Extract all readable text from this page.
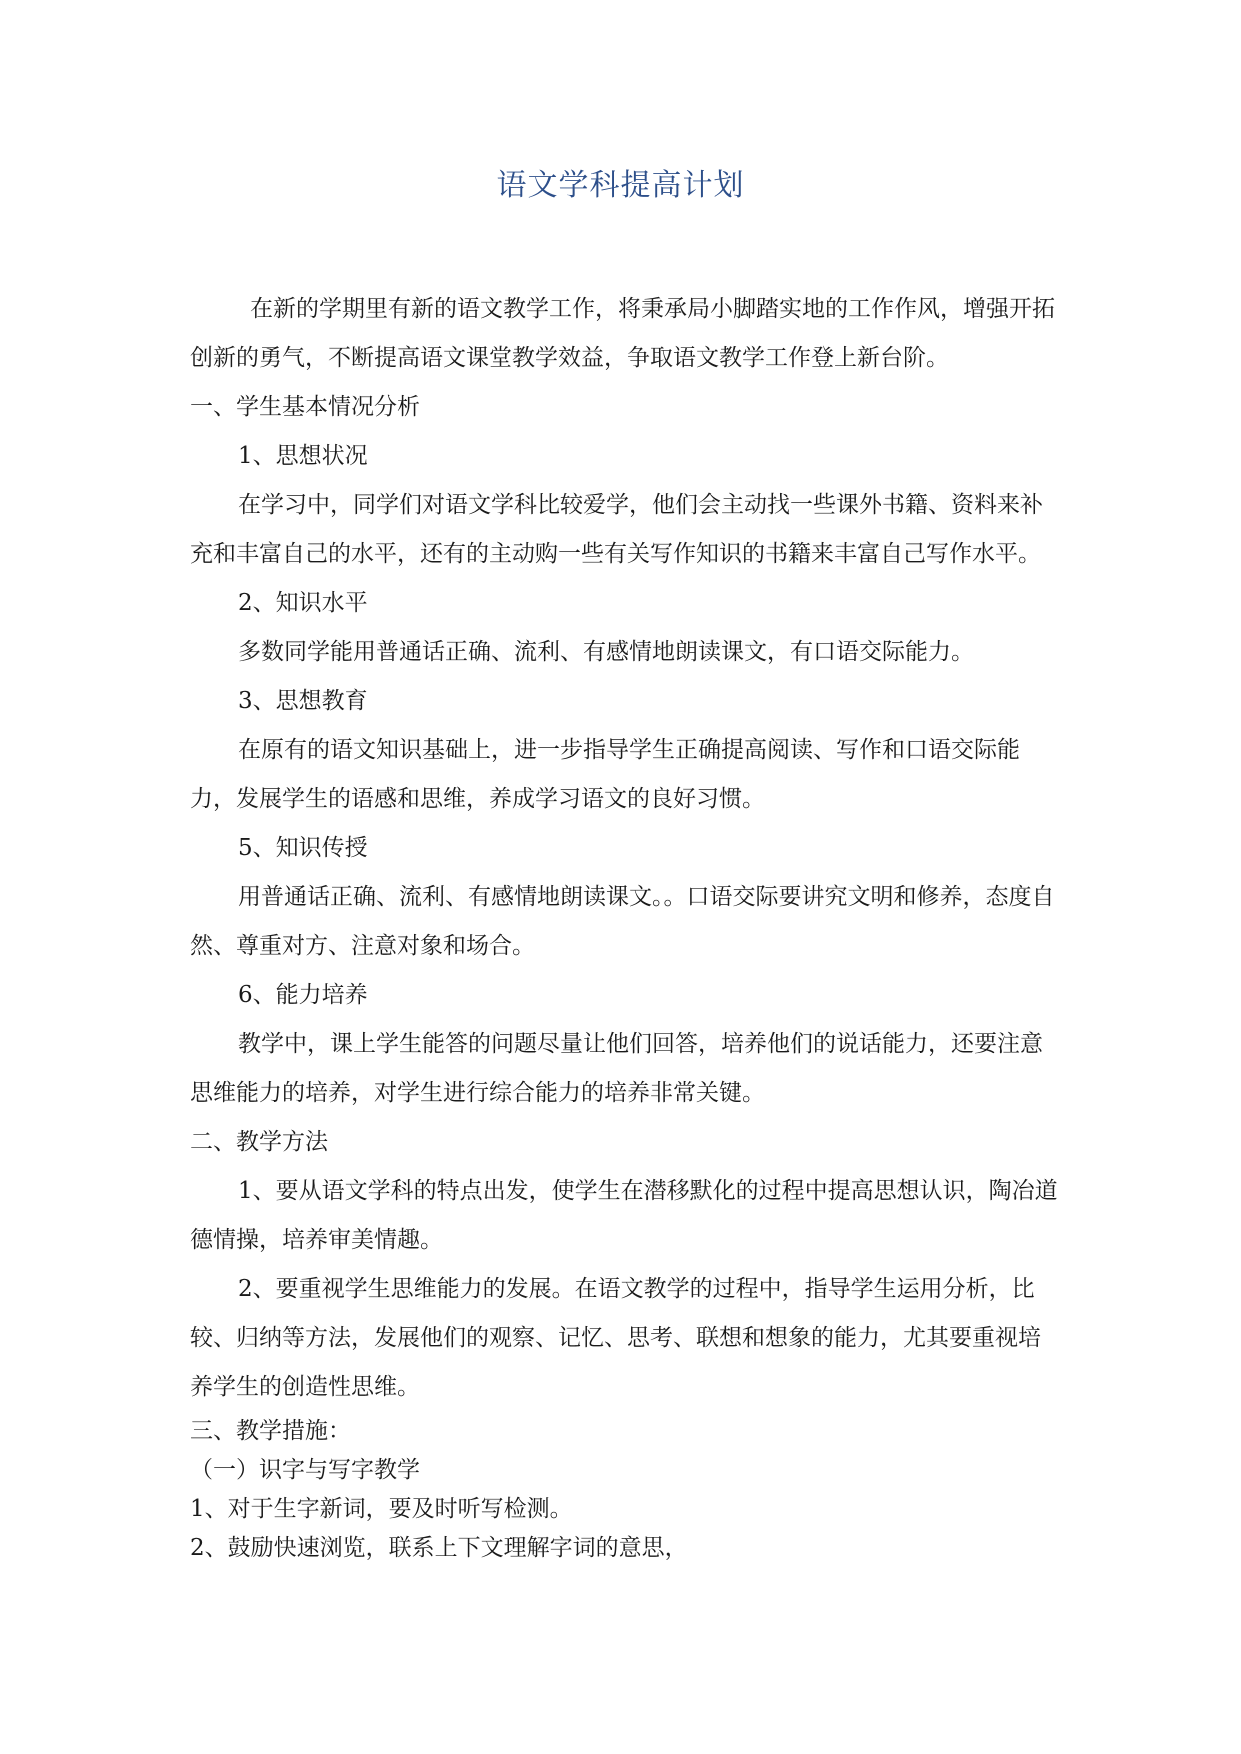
语文学科提高计划

在新的学期里有新的语文教学工作，将秉承局小脚踏实地的工作作风，增强开拓创新的勇气，不断提高语文课堂教学效益，争取语文教学工作登上新台阶。

一、学生基本情况分析

1、思想状况

在学习中，同学们对语文学科比较爱学，他们会主动找一些课外书籍、资料来补充和丰富自己的水平，还有的主动购一些有关写作知识的书籍来丰富自己写作水平。

2、知识水平

多数同学能用普通话正确、流利、有感情地朗读课文，有口语交际能力。

3、思想教育

在原有的语文知识基础上，进一步指导学生正确提高阅读、写作和口语交际能力，发展学生的语感和思维，养成学习语文的良好习惯。

5、知识传授

用普通话正确、流利、有感情地朗读课文。。口语交际要讲究文明和修养，态度自然、尊重对方、注意对象和场合。

6、能力培养

教学中，课上学生能答的问题尽量让他们回答，培养他们的说话能力，还要注意思维能力的培养，对学生进行综合能力的培养非常关键。

二、教学方法

1、要从语文学科的特点出发，使学生在潜移默化的过程中提高思想认识，陶冶道德情操，培养审美情趣。

2、要重视学生思维能力的发展。在语文教学的过程中，指导学生运用分析，比较、归纳等方法，发展他们的观察、记忆、思考、联想和想象的能力，尤其要重视培养学生的创造性思维。

三、教学措施：

（一）识字与写字教学

1、对于生字新词，要及时听写检测。

2、鼓励快速浏览，联系上下文理解字词的意思，
